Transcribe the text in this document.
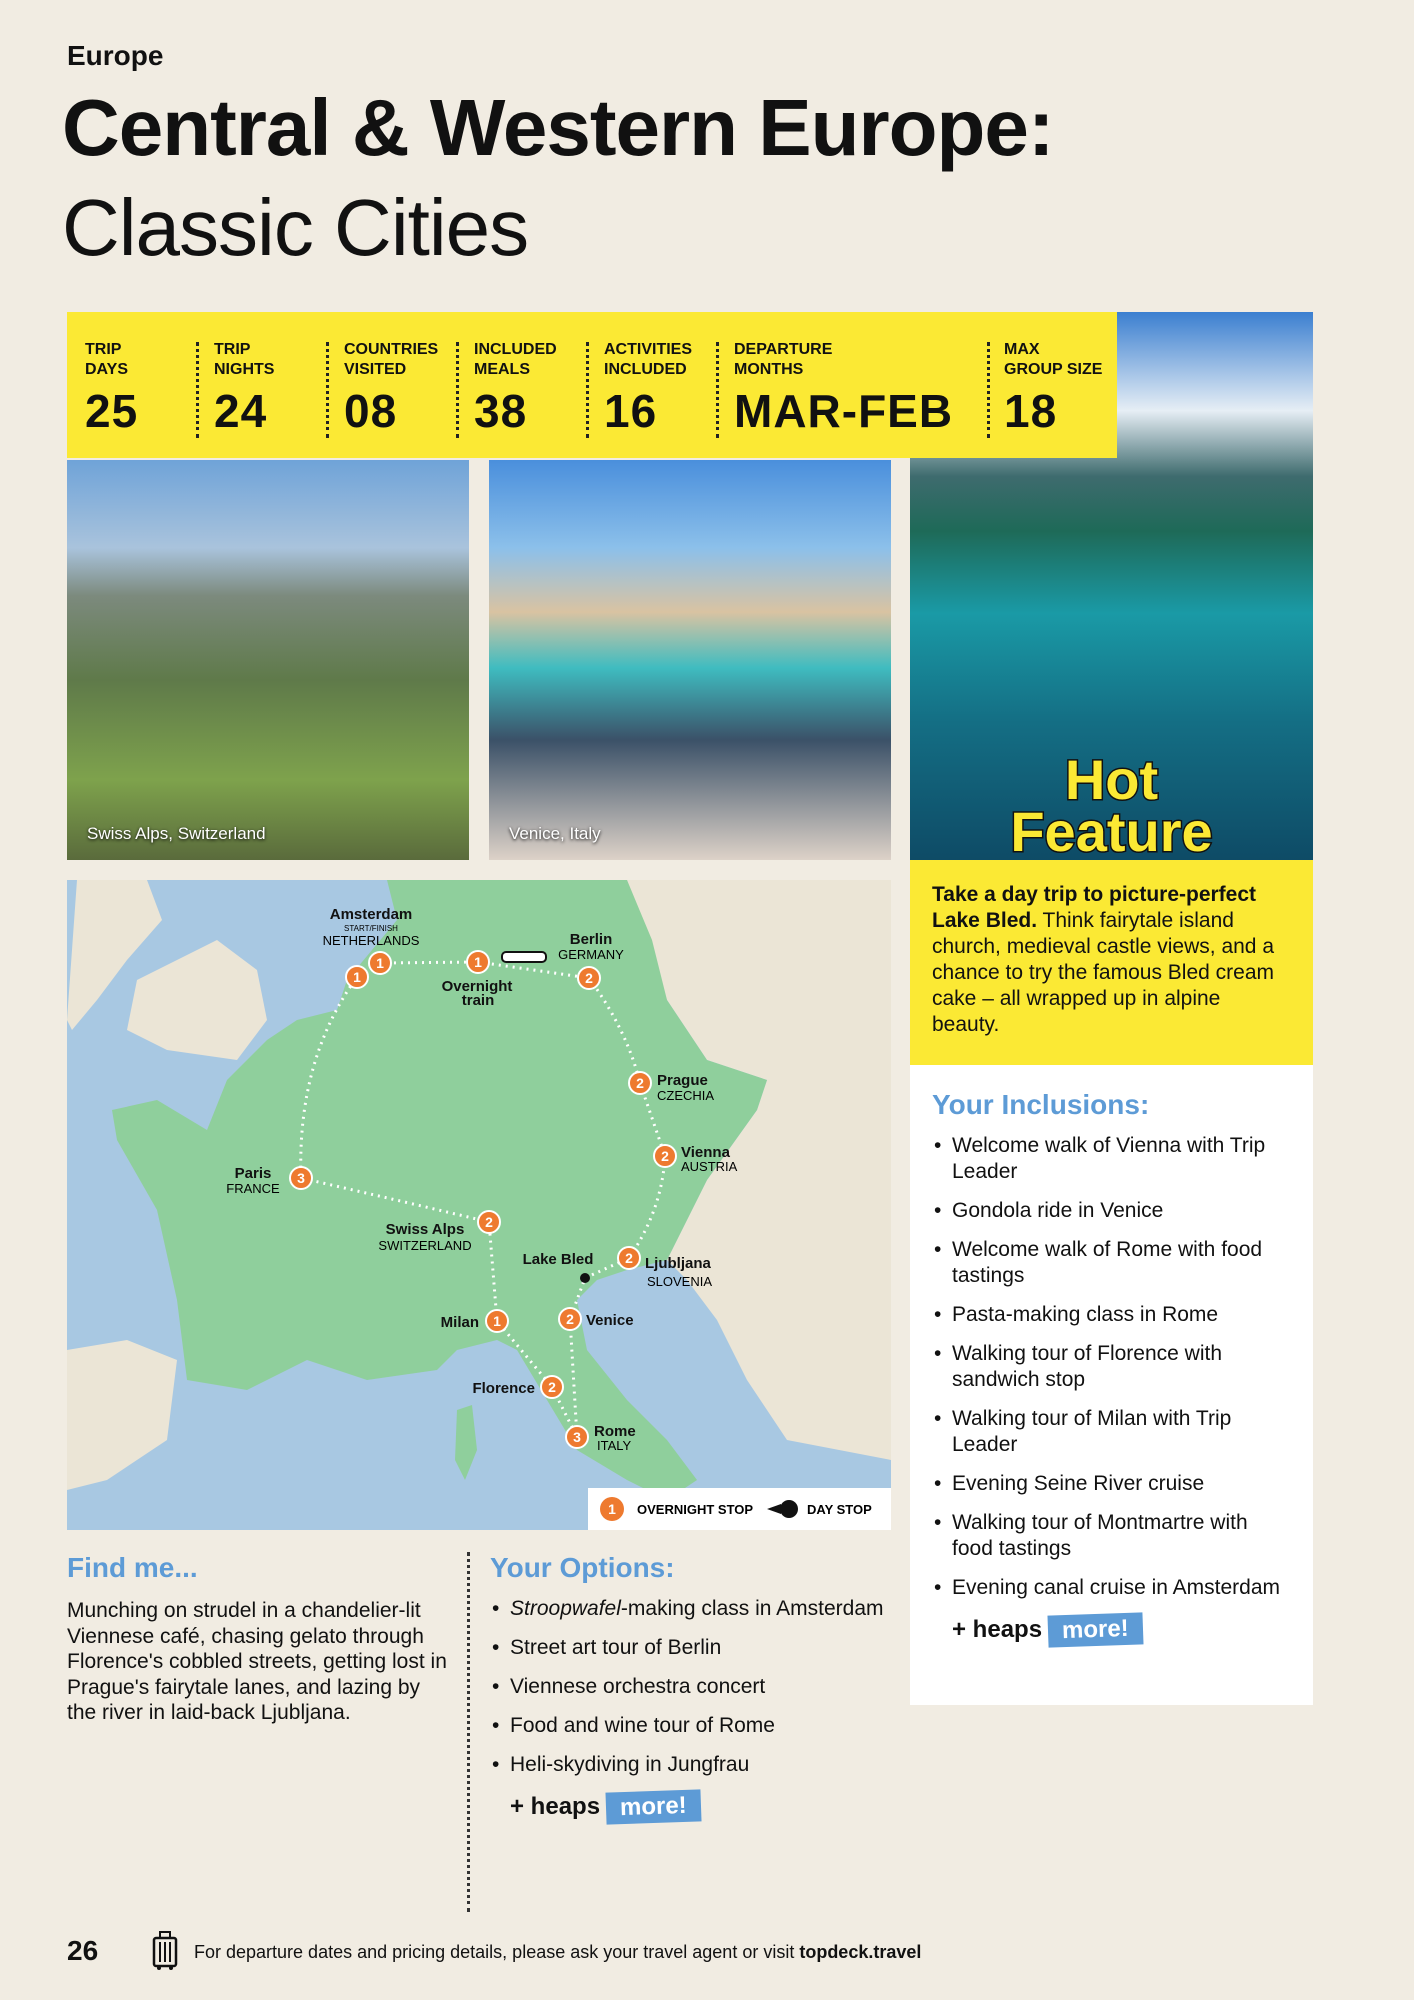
Europe
Central & Western Europe:
Classic Cities
TRIP
DAYS
25
TRIP
NIGHTS
24
COUNTRIES
VISITED
08
INCLUDED
MEALS
38
ACTIVITIES
INCLUDED
16
DEPARTURE
MONTHS
MAR-FEB
MAX
GROUP SIZE
18
Swiss Alps, Switzerland	Venice, Italy
Hot
Feature
Take a day trip to picture-perfect Lake Bled. Think fairytale island church, medieval castle views, and a chance to try the famous Bled cream cake – all wrapped up in alpine beauty.
Your Inclusions:
• Welcome walk of Vienna with Trip Leader
• Gondola ride in Venice
• Welcome walk of Rome with food tastings
• Pasta-making class in Rome
• Walking tour of Florence with sandwich stop
• Walking tour of Milan with Trip Leader
• Evening Seine River cruise
• Walking tour of Montmartre with food tastings
• Evening canal cruise in Amsterdam
+ heaps more!
Amsterdam
START/FINISH
NETHERLANDS	Berlin
GERMANY
Overnight
train
Prague
CZECHIA
Vienna
AUSTRIA
Paris
FRANCE
Swiss Alps
SWITZERLAND
Lake Bled	Ljubljana
SLOVENIA
Milan	Venice
Florence
Rome
ITALY
1
1	1
2
2
2
2
2
3
2
1
2
3
1 OVERNIGHT STOP	DAY STOP
Find me...

Munching on strudel in a chandelier-lit Viennese café, chasing gelato through Florence's cobbled streets, getting lost in Prague's fairytale lanes, and lazing by the river in laid-back Ljubljana.

Your Options:
• Stroopwafel-making class in Amsterdam
• Street art tour of Berlin
• Viennese orchestra concert
• Food and wine tour of Rome
• Heli-skydiving in Jungfrau
+ heaps more!
26	For departure dates and pricing details, please ask your travel agent or visit topdeck.travel
